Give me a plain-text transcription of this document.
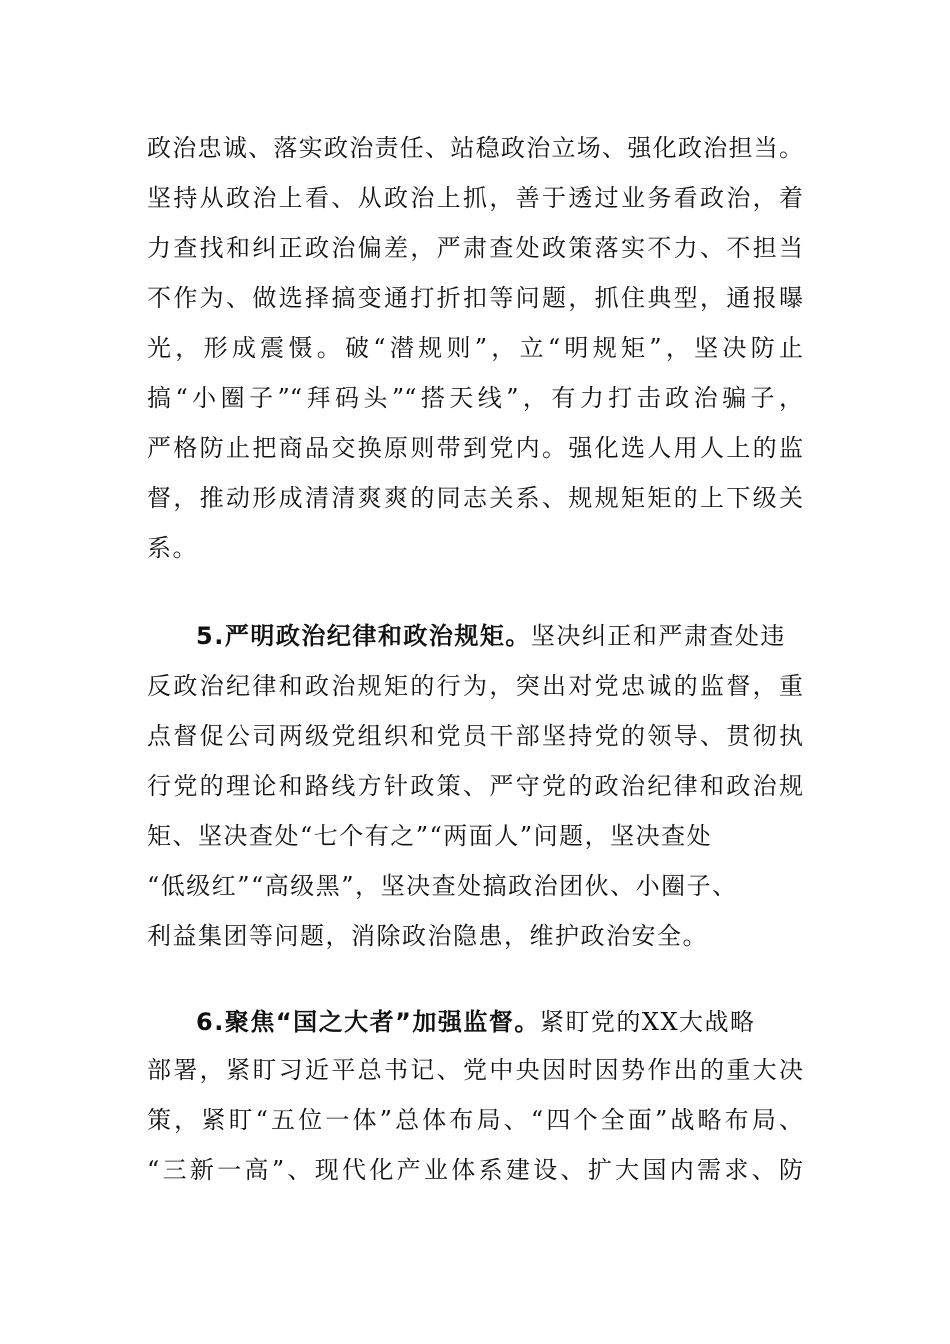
政治忠诚、落实政治责任、站稳政治立场、强化政治担当。
坚持从政治上看、从政治上抓，善于透过业务看政治，着
力查找和纠正政治偏差，严肃查处政策落实不力、不担当
不作为、做选择搞变通打折扣等问题，抓住典型，通报曝
光，形成震慑。破“潜规则”，立“明规矩”，坚决防止
搞“小圈子”“拜码头”“搭天线”，有力打击政治骗子，
严格防止把商品交换原则带到党内。强化选人用人上的监
督，推动形成清清爽爽的同志关系、规规矩矩的上下级关
系。
5.严明政治纪律和政治规矩。坚决纠正和严肃查处违
反政治纪律和政治规矩的行为，突出对党忠诚的监督，重
点督促公司两级党组织和党员干部坚持党的领导、贯彻执
行党的理论和路线方针政策、严守党的政治纪律和政治规
矩、坚决查处“七个有之”“两面人”问题，坚决查处
“低级红”“高级黑”，坚决查处搞政治团伙、小圈子、
利益集团等问题，消除政治隐患，维护政治安全。
6.聚焦“国之大者”加强监督。紧盯党的XX大战略
部署，紧盯习近平总书记、党中央因时因势作出的重大决
策，紧盯“五位一体”总体布局、“四个全面”战略布局、
“三新一高”、现代化产业体系建设、扩大国内需求、防
